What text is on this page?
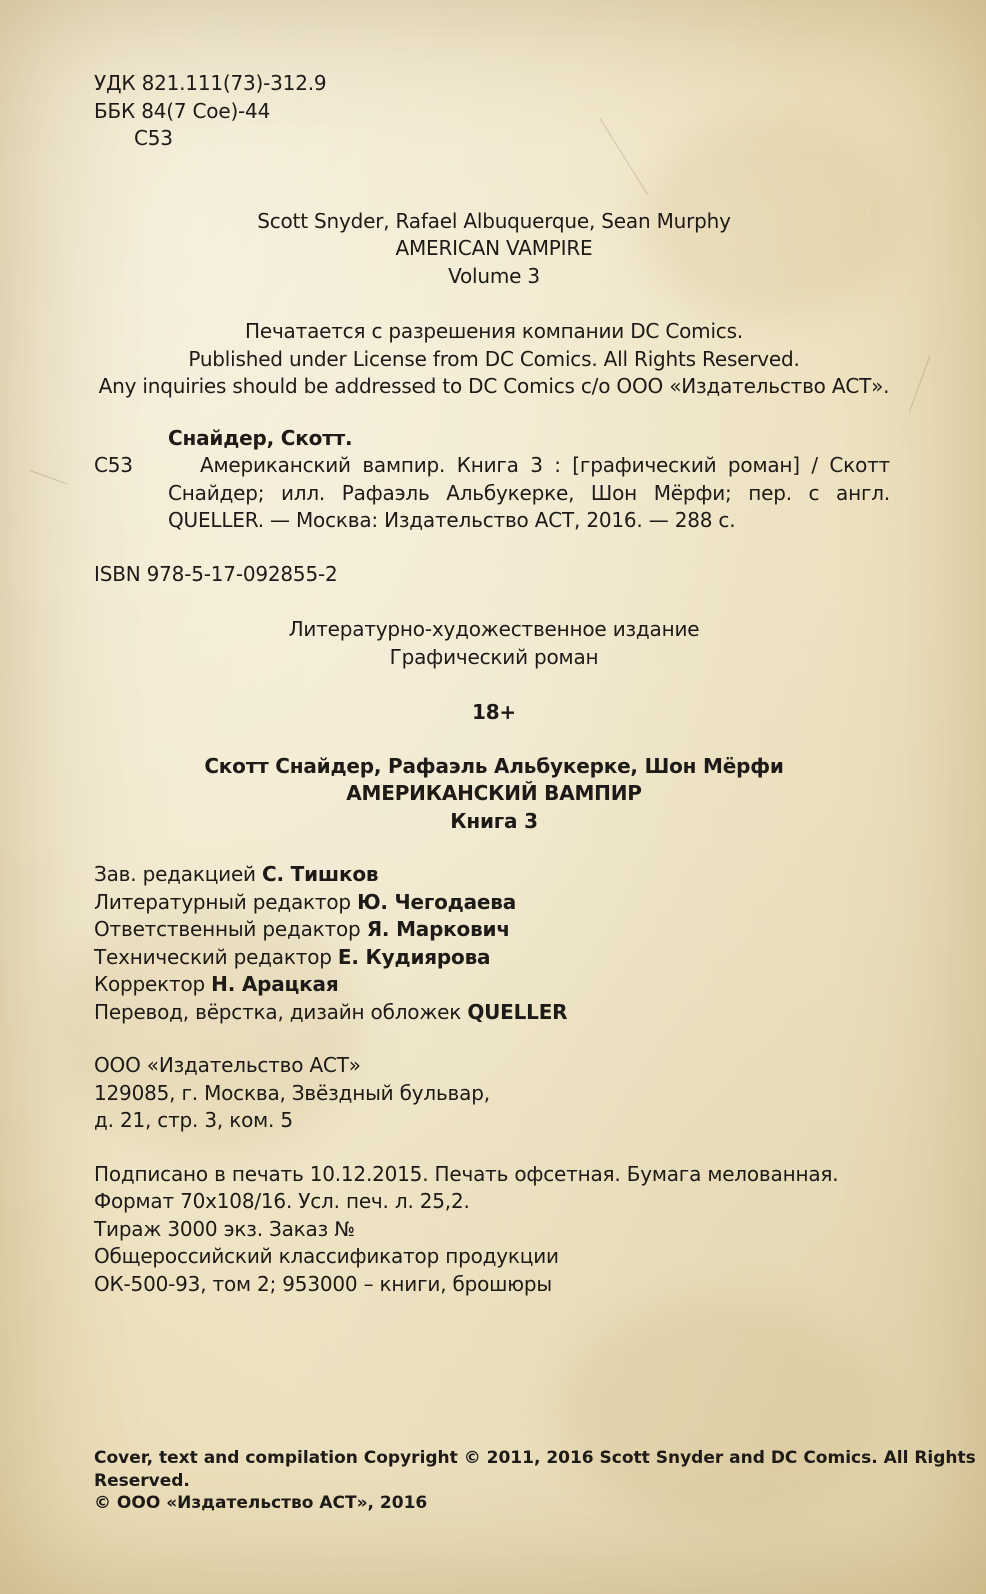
УДК 821.111(73)-312.9
ББК 84(7 Сое)-44
С53
Scott Snyder, Rafael Albuquerque, Sean Murphy
AMERICAN VAMPIRE
Volume 3
Печатается с разрешения компании DC Comics.
Published under License from DC Comics. All Rights Reserved.
Any inquiries should be addressed to DC Comics c/o ООО «Издательство АСТ».
Снайдер, Скотт.
С53	Американский вампир. Книга 3 : [графический роман] / Скотт Снайдер; илл. Рафаэль Альбукерке, Шон Мёрфи; пер. с англ. QUELLER. — Москва: Издательство АСТ, 2016. — 288 с.
ISBN 978-5-17-092855-2
Литературно-художественное издание
Графический роман
18+
Скотт Снайдер, Рафаэль Альбукерке, Шон Мёрфи
АМЕРИКАНСКИЙ ВАМПИР
Книга 3
Зав. редакцией С. Тишков
Литературный редактор Ю. Чегодаева
Ответственный редактор Я. Маркович
Технический редактор Е. Кудиярова
Корректор Н. Арацкая
Перевод, вёрстка, дизайн обложек QUELLER
ООО «Издательство АСТ»
129085, г. Москва, Звёздный бульвар,
д. 21, стр. 3, ком. 5
Подписано в печать 10.12.2015. Печать офсетная. Бумага мелованная.
Формат 70x108/16. Усл. печ. л. 25,2.
Тираж 3000 экз. Заказ №
Общероссийский классификатор продукции
ОК-500-93, том 2; 953000 – книги, брошюры
Cover, text and compilation Copyright © 2011, 2016 Scott Snyder and DC Comics. All Rights
Reserved.
© ООО «Издательство АСТ», 2016
